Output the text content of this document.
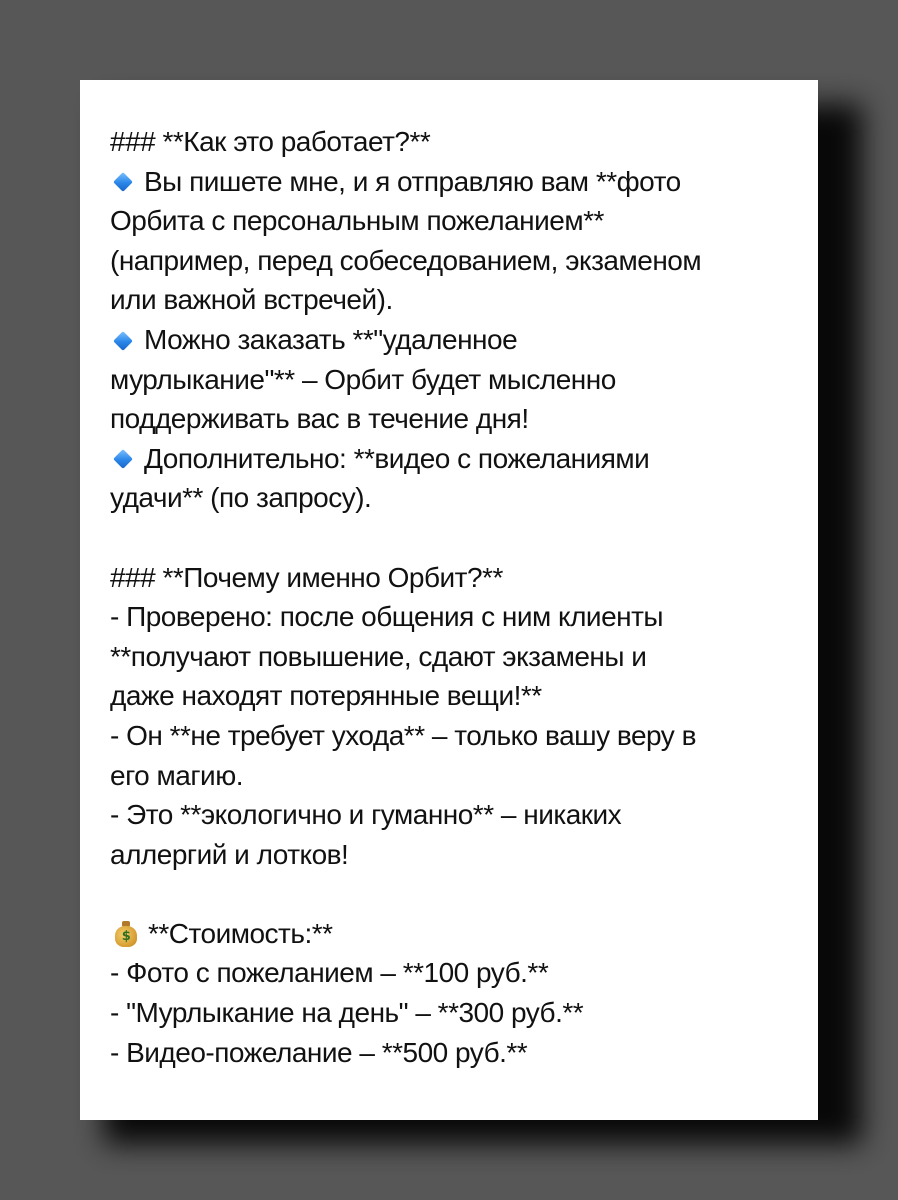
### **Как это работает?**
Вы пишете мне, и я отправляю вам **фото
Орбита с персональным пожеланием**
(например, перед собеседованием, экзаменом
или важной встречей).
Можно заказать **"удаленное
мурлыкание"** – Орбит будет мысленно
поддерживать вас в течение дня!
Дополнительно: **видео с пожеланиями
удачи** (по запросу).
### **Почему именно Орбит?**
- Проверено: после общения с ним клиенты
**получают повышение, сдают экзамены и
даже находят потерянные вещи!**
- Он **не требует ухода** – только вашу веру в
его магию.
- Это **экологично и гуманно** – никаких
аллергий и лотков!
$ **Стоимость:**
- Фото с пожеланием – **100 руб.**
- "Мурлыкание на день" – **300 руб.**
- Видео-пожелание – **500 руб.**
